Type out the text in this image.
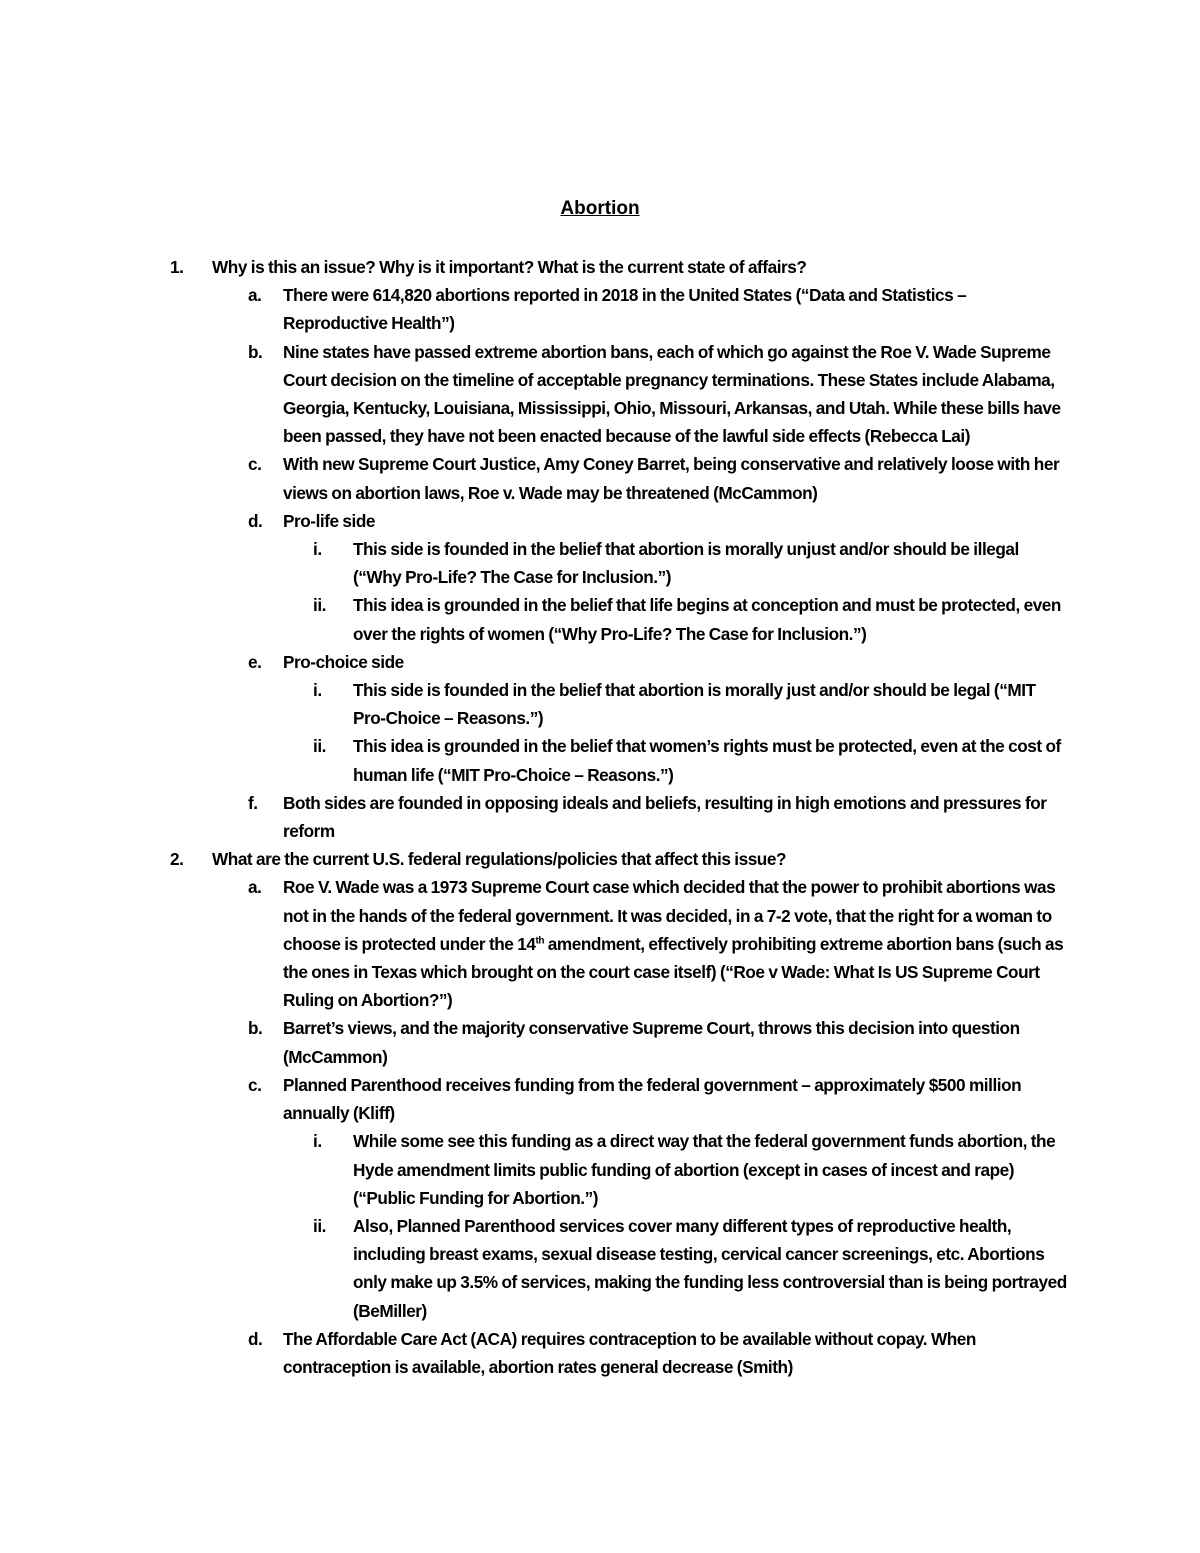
Abortion
1. Why is this an issue? Why is it important? What is the current state of affairs?
a. There were 614,820 abortions reported in 2018 in the United States (“Data and Statistics – Reproductive Health”)
b. Nine states have passed extreme abortion bans, each of which go against the Roe V. Wade Supreme Court decision on the timeline of acceptable pregnancy terminations. These States include Alabama, Georgia, Kentucky, Louisiana, Mississippi, Ohio, Missouri, Arkansas, and Utah. While these bills have been passed, they have not been enacted because of the lawful side effects (Rebecca Lai)
c. With new Supreme Court Justice, Amy Coney Barret, being conservative and relatively loose with her views on abortion laws, Roe v. Wade may be threatened (McCammon)
d. Pro-life side
i. This side is founded in the belief that abortion is morally unjust and/or should be illegal (“Why Pro-Life? The Case for Inclusion.”)
ii. This idea is grounded in the belief that life begins at conception and must be protected, even over the rights of women (“Why Pro-Life? The Case for Inclusion.”)
e. Pro-choice side
i. This side is founded in the belief that abortion is morally just and/or should be legal (“MIT Pro-Choice – Reasons.”)
ii. This idea is grounded in the belief that women’s rights must be protected, even at the cost of human life (“MIT Pro-Choice – Reasons.”)
f. Both sides are founded in opposing ideals and beliefs, resulting in high emotions and pressures for reform
2. What are the current U.S. federal regulations/policies that affect this issue?
a. Roe V. Wade was a 1973 Supreme Court case which decided that the power to prohibit abortions was not in the hands of the federal government. It was decided, in a 7-2 vote, that the right for a woman to choose is protected under the 14th amendment, effectively prohibiting extreme abortion bans (such as the ones in Texas which brought on the court case itself) (“Roe v Wade: What Is US Supreme Court Ruling on Abortion?”)
b. Barret’s views, and the majority conservative Supreme Court, throws this decision into question (McCammon)
c. Planned Parenthood receives funding from the federal government – approximately $500 million annually (Kliff)
i. While some see this funding as a direct way that the federal government funds abortion, the Hyde amendment limits public funding of abortion (except in cases of incest and rape) (“Public Funding for Abortion.”)
ii. Also, Planned Parenthood services cover many different types of reproductive health, including breast exams, sexual disease testing, cervical cancer screenings, etc. Abortions only make up 3.5% of services, making the funding less controversial than is being portrayed (BeMiller)
d. The Affordable Care Act (ACA) requires contraception to be available without copay. When contraception is available, abortion rates general decrease (Smith)
